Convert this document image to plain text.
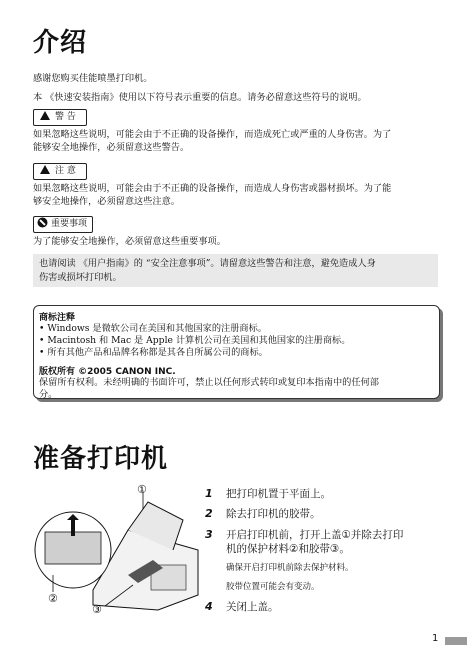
介绍
感谢您购买佳能喷墨打印机。
本 《快速安装指南》使用以下符号表示重要的信息。请务必留意这些符号的说明。
警 告
如果忽略这些说明，可能会由于不正确的设备操作，而造成死亡或严重的人身伤害。为了
能够安全地操作，必须留意这些警告。
注 意
如果忽略这些说明，可能会由于不正确的设备操作，而造成人身伤害或器材损坏。为了能
够安全地操作，必须留意这些注意。
重要事项
为了能够安全地操作，必须留意这些重要事项。
也请阅读 《用户指南》的 “安全注意事项”。请留意这些警告和注意，避免造成人身
伤害或损坏打印机。
商标注释
• Windows 是微软公司在美国和其他国家的注册商标。
• Macintosh 和 Mac 是 Apple 计算机公司在美国和其他国家的注册商标。
• 所有其他产品和品牌名称都是其各自所属公司的商标。
版权所有 ©2005 CANON INC.
保留所有权利。未经明确的书面许可，禁止以任何形式转印或复印本指南中的任何部
分。
准备打印机
①
②
③
1 把打印机置于平面上。
2 除去打印机的胶带。
3 开启打印机前，打开上盖①并除去打印
机的保护材料②和胶带③。
确保开启打印机前除去保护材料。
胶带位置可能会有变动。
4 关闭上盖。
1
